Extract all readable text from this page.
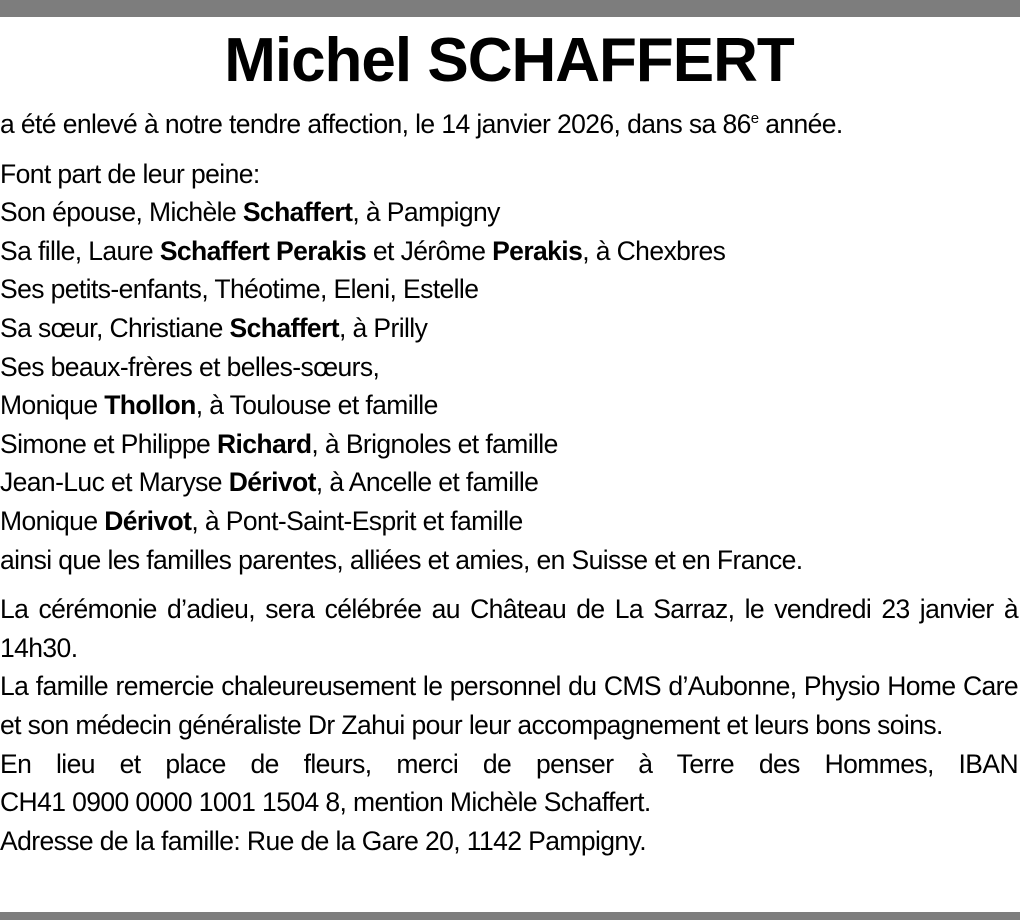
Michel SCHAFFERT

a été enlevé à notre tendre affection, le 14 janvier 2026, dans sa 86e année.

Font part de leur peine:

Son épouse, Michèle Schaffert, à Pampigny

Sa fille, Laure Schaffert Perakis et Jérôme Perakis, à Chexbres

Ses petits-enfants, Théotime, Eleni, Estelle

Sa sœur, Christiane Schaffert, à Prilly

Ses beaux-frères et belles-sœurs,

Monique Thollon, à Toulouse et famille

Simone et Philippe Richard, à Brignoles et famille

Jean-Luc et Maryse Dérivot, à Ancelle et famille

Monique Dérivot, à Pont-Saint-Esprit et famille

ainsi que les familles parentes, alliées et amies, en Suisse et en France.

La cérémonie d’adieu, sera célébrée au Château de La Sarraz, le vendredi 23 janvier à 14h30.

La famille remercie chaleureusement le personnel du CMS d’Aubonne, Physio Home Care et son médecin généraliste Dr Zahui pour leur accompagnement et leurs bons soins.

En lieu et place de fleurs, merci de penser à Terre des Hommes, IBAN

CH41 0900 0000 1001 1504 8, mention Michèle Schaffert.

Adresse de la famille: Rue de la Gare 20, 1142 Pampigny.
